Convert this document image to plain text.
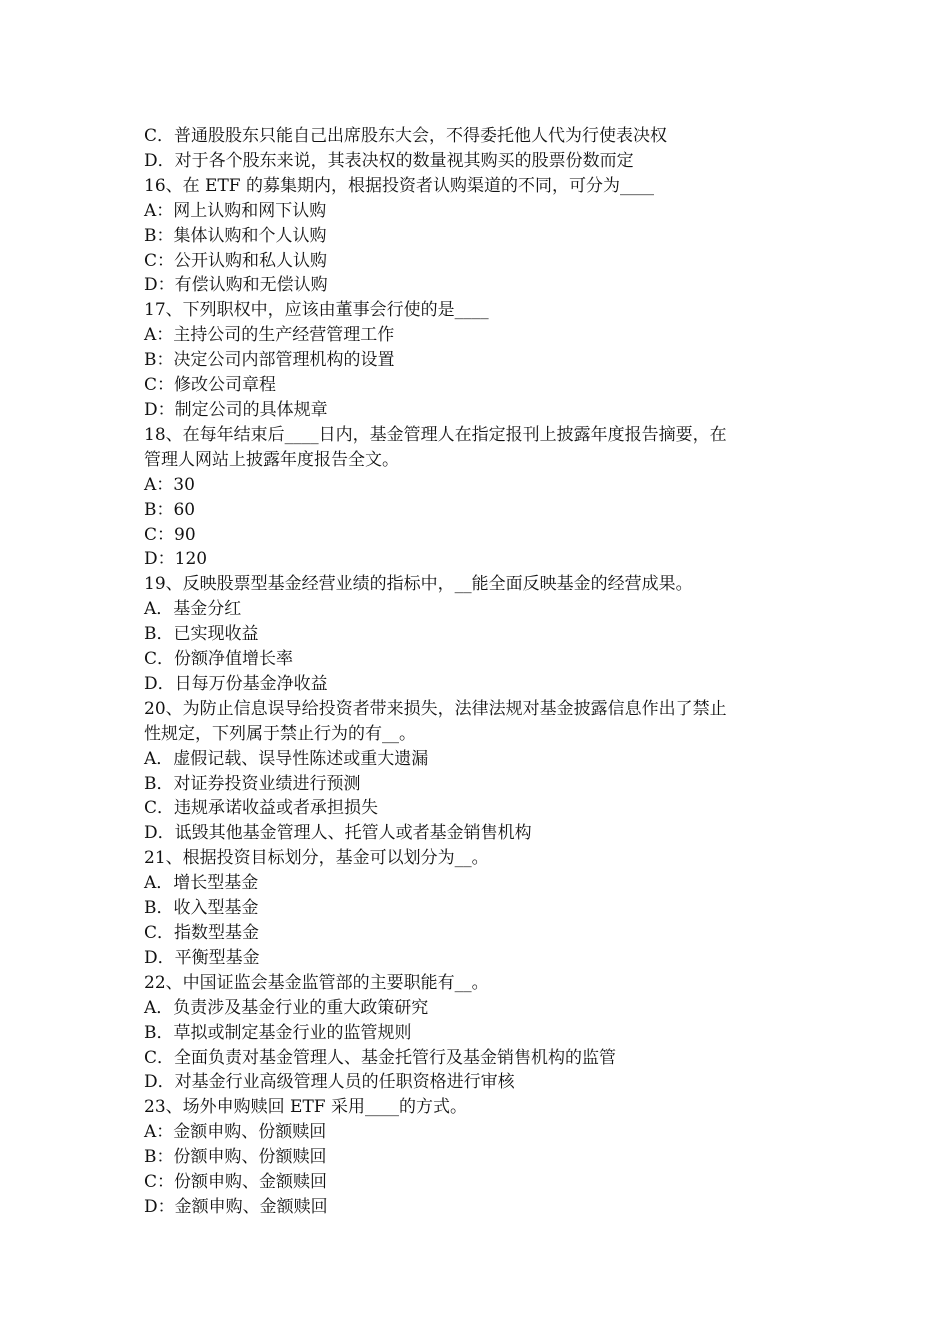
C．普通股股东只能自己出席股东大会，不得委托他人代为行使表决权

D．对于各个股东来说，其表决权的数量视其购买的股票份数而定

16、在 ETF 的募集期内，根据投资者认购渠道的不同，可分为____

A：网上认购和网下认购

B：集体认购和个人认购

C：公开认购和私人认购

D：有偿认购和无偿认购

17、下列职权中，应该由董事会行使的是____

A：主持公司的生产经营管理工作

B：决定公司内部管理机构的设置

C：修改公司章程

D：制定公司的具体规章

18、在每年结束后____日内，基金管理人在指定报刊上披露年度报告摘要，在

管理人网站上披露年度报告全文。

A：30

B：60

C：90

D：120

19、反映股票型基金经营业绩的指标中，__能全面反映基金的经营成果。

A．基金分红

B．已实现收益

C．份额净值增长率

D．日每万份基金净收益

20、为防止信息误导给投资者带来损失，法律法规对基金披露信息作出了禁止

性规定，下列属于禁止行为的有__。

A．虚假记载、误导性陈述或重大遗漏

B．对证券投资业绩进行预测

C．违规承诺收益或者承担损失

D．诋毁其他基金管理人、托管人或者基金销售机构

21、根据投资目标划分，基金可以划分为__。

A．增长型基金

B．收入型基金

C．指数型基金

D．平衡型基金

22、中国证监会基金监管部的主要职能有__。

A．负责涉及基金行业的重大政策研究

B．草拟或制定基金行业的监管规则

C．全面负责对基金管理人、基金托管行及基金销售机构的监管

D．对基金行业高级管理人员的任职资格进行审核

23、场外申购赎回 ETF 采用____的方式。

A：金额申购、份额赎回

B：份额申购、份额赎回

C：份额申购、金额赎回

D：金额申购、金额赎回
